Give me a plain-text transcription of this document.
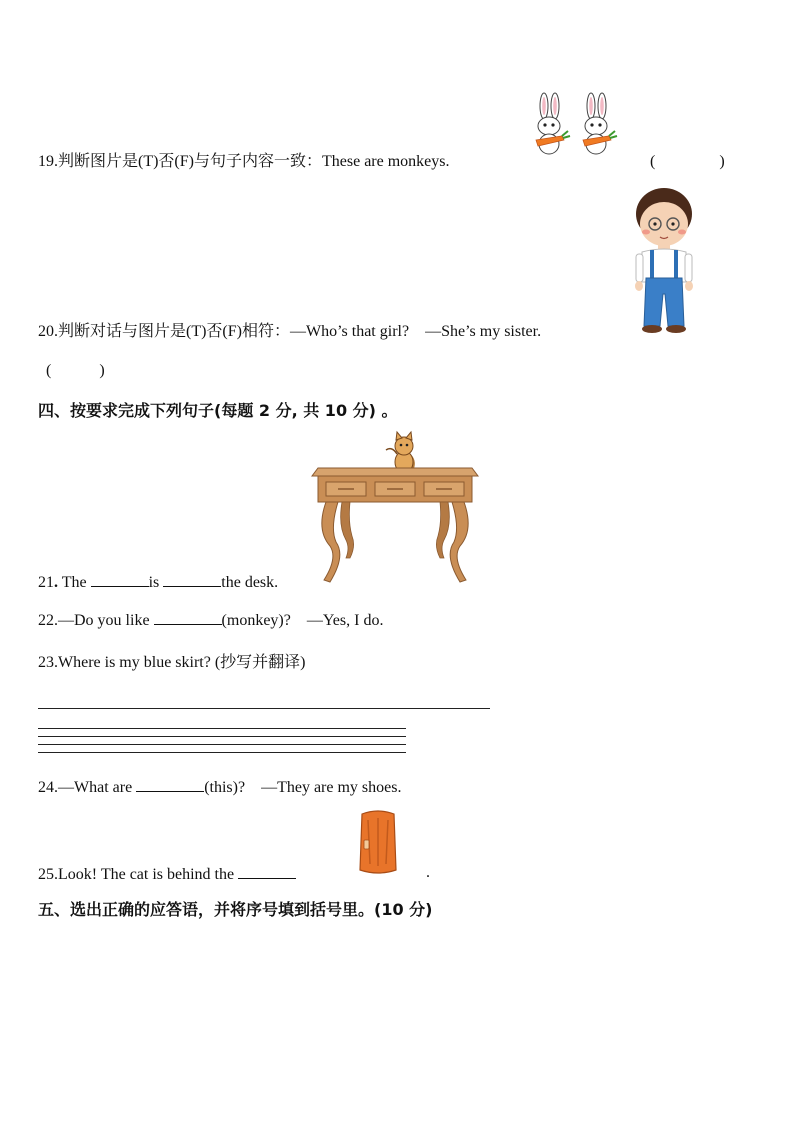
19.判断图片是(T)否(F)与句子内容一致：These are monkeys.	(　　　　)
20.判断对话与图片是(T)否(F)相符：—Who’s that girl?　—She’s my sister.
(　　　)
四、按要求完成下列句子(每题 2 分, 共 10 分) 。
21. The	is	the desk.
22.—Do you like	(monkey)?　—Yes, I do.
23.Where is my blue skirt? (抄写并翻译)
24.—What are	(this)?　—They are my shoes.
25.Look! The cat is behind the	.
五、选出正确的应答语，并将序号填到括号里。(10 分)
